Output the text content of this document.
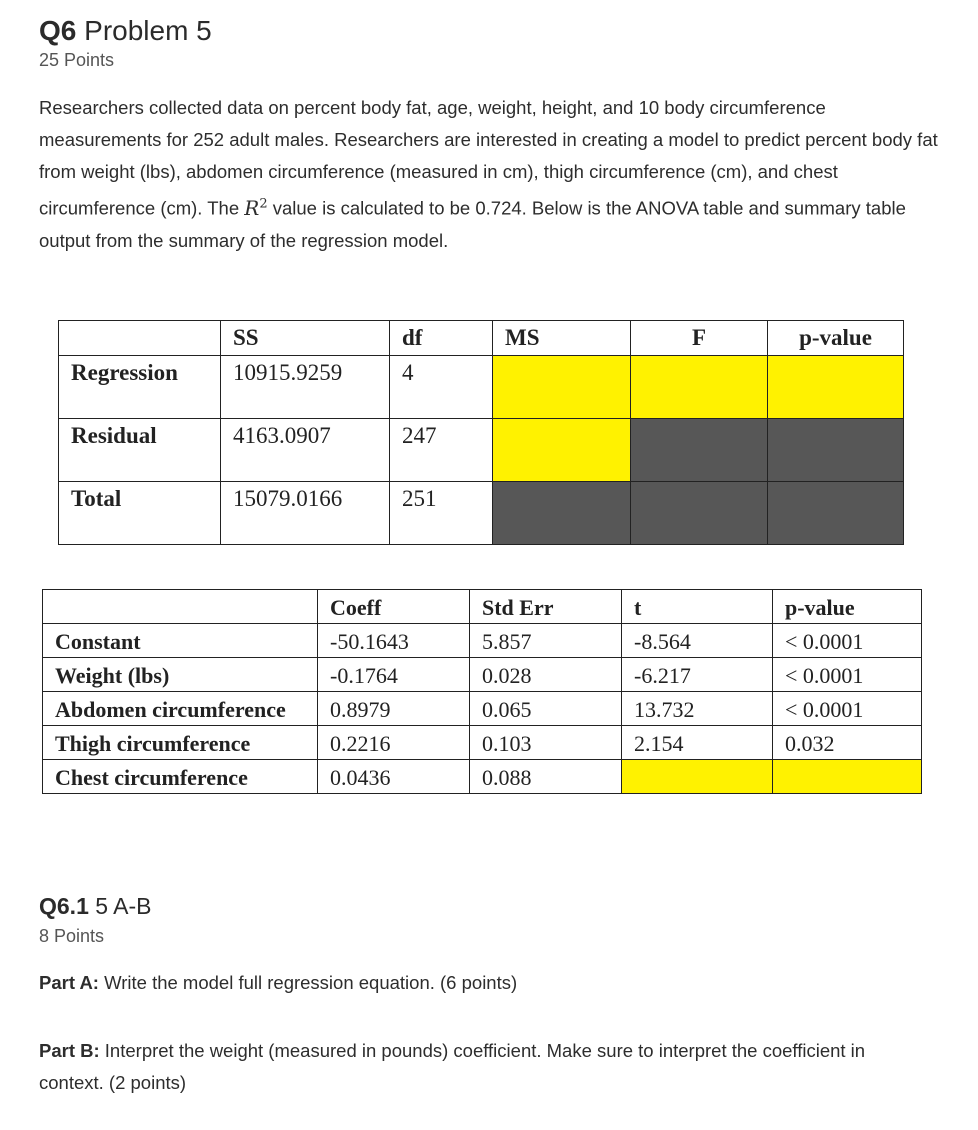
Q6 Problem 5
25 Points
Researchers collected data on percent body fat, age, weight, height, and 10 body circumference measurements for 252 adult males. Researchers are interested in creating a model to predict percent body fat from weight (lbs), abdomen circumference (measured in cm), thigh circumference (cm), and chest circumference (cm). The $R^2$ value is calculated to be 0.724. Below is the ANOVA table and summary table output from the summary of the regression model.
	SS	df	MS	F	p-value
Regression	10915.9259	4			
Residual	4163.0907	247			
Total	15079.0166	251			
	Coeff	Std Err	t	p-value
Constant	-50.1643	5.857	-8.564	< 0.0001
Weight (lbs)	-0.1764	0.028	-6.217	< 0.0001
Abdomen circumference	0.8979	0.065	13.732	< 0.0001
Thigh circumference	0.2216	0.103	2.154	0.032
Chest circumference	0.0436	0.088		
Q6.1 5 A-B
8 Points
Part A: Write the model full regression equation. (6 points)
Part B: Interpret the weight (measured in pounds) coefficient. Make sure to interpret the coefficient in context. (2 points)
